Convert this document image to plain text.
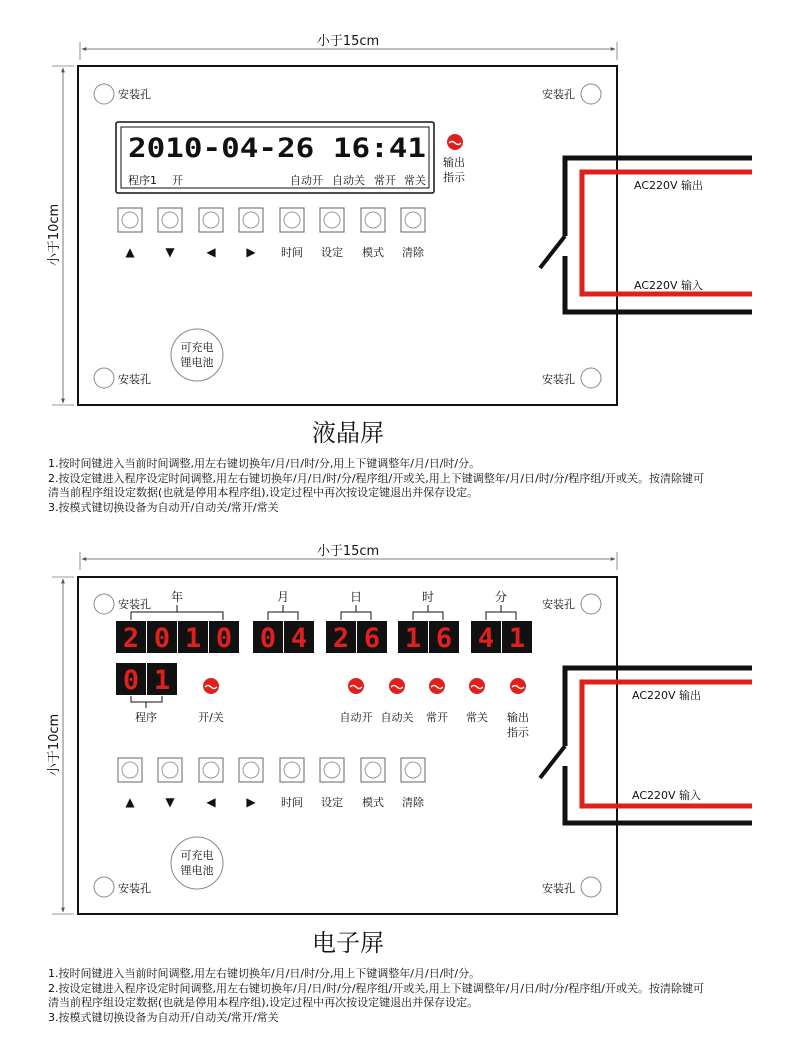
小于15cm
小于10cm
安装孔	安装孔
安装孔	安装孔
2010-04-26 16:41
程序1 开	自动开 自动关 常开 常关
输出
指示
▲	▼	◀	▶ 时间 设定 模式 清除
可充电
锂电池
AC220V 输出
AC220V 输入
液晶屏
小于15cm
小于10cm
安装孔	安装孔
安装孔	安装孔
年	月	日	时	分
2 0 1 0 0 4 2 6 1 6 4 1
0 1
程序	开/关	自动开 自动关 常开 常关 输出
指示
▲	▼	◀	▶ 时间 设定 模式 清除
可充电
锂电池
AC220V 输出
AC220V 输入
电子屏
1.按时间键进入当前时间调整,用左右键切换年/月/日/时/分,用上下键调整年/月/日/时/分。
2.按设定键进入程序设定时间调整,用左右键切换年/月/日/时/分/程序组/开或关,用上下键调整年/月/日/时/分/程序组/开或关。按清除键可
清当前程序组设定数据(也就是停用本程序组),设定过程中再次按设定键退出并保存设定。
3.按模式键切换设备为自动开/自动关/常开/常关
1.按时间键进入当前时间调整,用左右键切换年/月/日/时/分,用上下键调整年/月/日/时/分。
2.按设定键进入程序设定时间调整,用左右键切换年/月/日/时/分/程序组/开或关,用上下键调整年/月/日/时/分/程序组/开或关。按清除键可
清当前程序组设定数据(也就是停用本程序组),设定过程中再次按设定键退出并保存设定。
3.按模式键切换设备为自动开/自动关/常开/常关
